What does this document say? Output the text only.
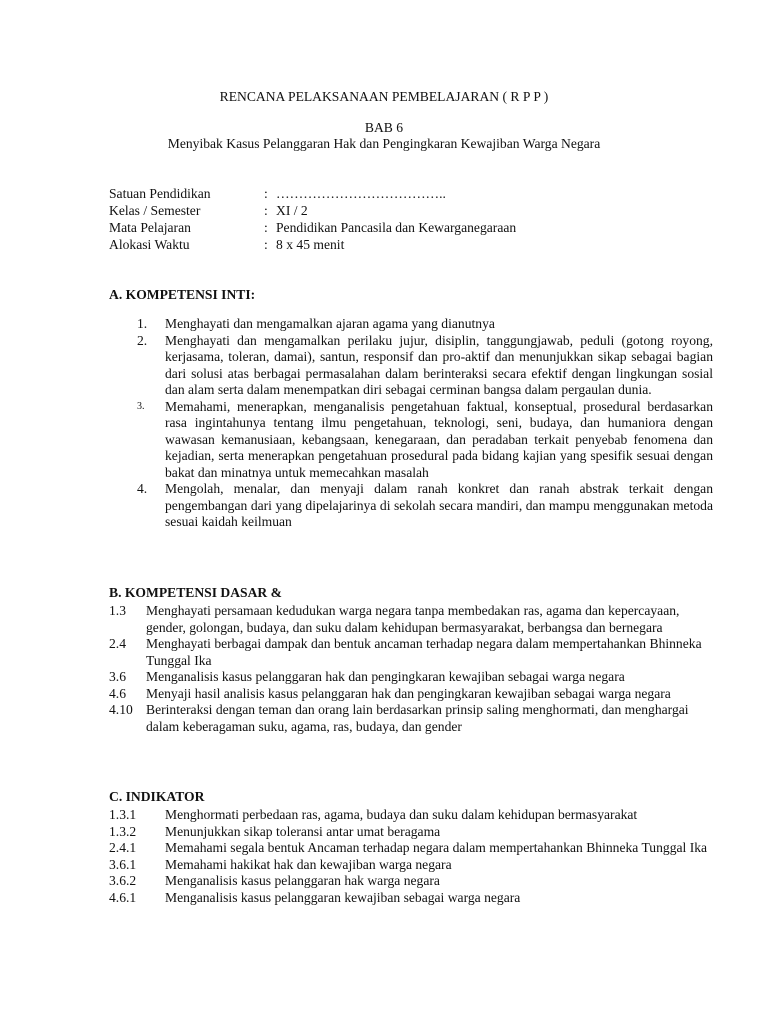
RENCANA PELAKSANAAN PEMBELAJARAN ( R P P )
BAB 6
Menyibak Kasus Pelanggaran Hak dan Pengingkaran Kewajiban Warga Negara
Satuan Pendidikan	: ………………………………..
Kelas / Semester	: XI / 2
Mata Pelajaran	: Pendidikan Pancasila dan Kewarganegaraan
Alokasi Waktu	: 8 x 45 menit
A. KOMPETENSI INTI:
1.	Menghayati dan mengamalkan ajaran agama yang dianutnya
2.	Menghayati dan mengamalkan perilaku jujur, disiplin, tanggungjawab, peduli (gotong royong, kerjasama, toleran, damai), santun, responsif dan pro-aktif dan menunjukkan sikap sebagai bagian dari solusi atas berbagai permasalahan dalam berinteraksi secara efektif dengan lingkungan sosial dan alam serta dalam menempatkan diri sebagai cerminan bangsa dalam pergaulan dunia.
3.	Memahami, menerapkan, menganalisis pengetahuan faktual, konseptual, prosedural berdasarkan rasa ingintahunya tentang ilmu pengetahuan, teknologi, seni, budaya, dan humaniora dengan wawasan kemanusiaan, kebangsaan, kenegaraan, dan peradaban terkait penyebab fenomena dan kejadian, serta menerapkan pengetahuan prosedural pada bidang kajian yang spesifik sesuai dengan bakat dan minatnya untuk memecahkan masalah
4.	Mengolah, menalar, dan menyaji dalam ranah konkret dan ranah abstrak terkait dengan pengembangan dari yang dipelajarinya di sekolah secara mandiri, dan mampu menggunakan metoda sesuai kaidah keilmuan
B. KOMPETENSI DASAR &
1.3	Menghayati persamaan kedudukan warga negara tanpa membedakan ras, agama dan kepercayaan, gender, golongan, budaya, dan suku dalam kehidupan bermasyarakat, berbangsa dan bernegara
2.4	Menghayati berbagai dampak dan bentuk ancaman terhadap negara dalam mempertahankan Bhinneka Tunggal Ika
3.6	Menganalisis kasus pelanggaran hak dan pengingkaran kewajiban sebagai warga negara
4.6	Menyaji hasil analisis kasus pelanggaran hak dan pengingkaran kewajiban sebagai warga negara
4.10 Berinteraksi dengan teman dan orang lain berdasarkan prinsip saling menghormati, dan menghargai dalam keberagaman suku, agama, ras, budaya, dan gender
C. INDIKATOR
1.3.1	Menghormati perbedaan ras, agama, budaya dan suku dalam kehidupan bermasyarakat
1.3.2	Menunjukkan sikap toleransi antar umat beragama
2.4.1	Memahami segala bentuk Ancaman terhadap negara dalam mempertahankan Bhinneka Tunggal Ika
3.6.1	Memahami hakikat hak dan kewajiban warga negara
3.6.2	Menganalisis kasus pelanggaran hak warga negara
4.6.1	Menganalisis kasus pelanggaran kewajiban sebagai warga negara
